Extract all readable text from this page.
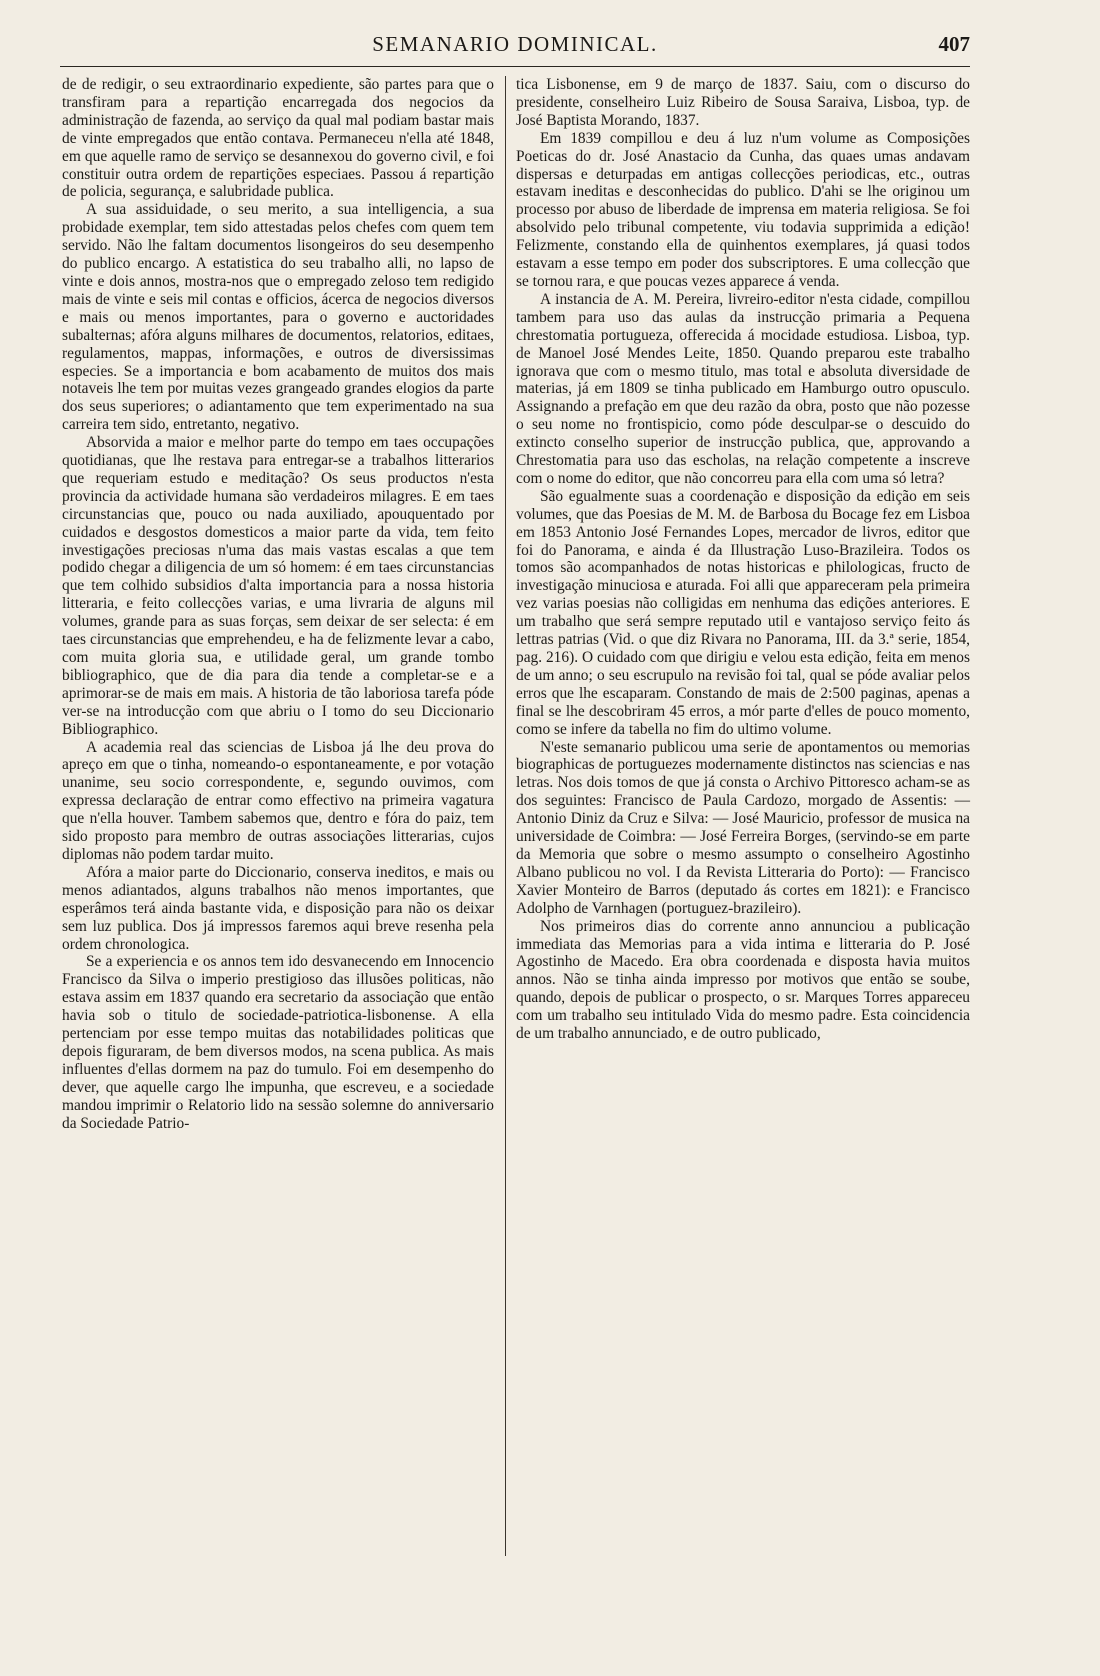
SEMANARIO DOMINICAL.	407

de de redigir, o seu extraordinario expediente, são partes para que o transfiram para a repartição encarregada dos negocios da administração de fazenda, ao serviço da qual mal podiam bastar mais de vinte empregados que então contava. Permaneceu n'ella até 1848, em que aquelle ramo de serviço se desannexou do governo civil, e foi constituir outra ordem de repartições especiaes. Passou á repartição de policia, segurança, e salubridade publica.

A sua assiduidade, o seu merito, a sua intelligencia, a sua probidade exemplar, tem sido attestadas pelos chefes com quem tem servido. Não lhe faltam documentos lisongeiros do seu desempenho do publico encargo. A estatistica do seu trabalho alli, no lapso de vinte e dois annos, mostra-nos que o empregado zeloso tem redigido mais de vinte e seis mil contas e officios, ácerca de negocios diversos e mais ou menos importantes, para o governo e auctoridades subalternas; afóra alguns milhares de documentos, relatorios, editaes, regulamentos, mappas, informações, e outros de diversissimas especies. Se a importancia e bom acabamento de muitos dos mais notaveis lhe tem por muitas vezes grangeado grandes elogios da parte dos seus superiores; o adiantamento que tem experimentado na sua carreira tem sido, entretanto, negativo.

Absorvida a maior e melhor parte do tempo em taes occupações quotidianas, que lhe restava para entregar-se a trabalhos litterarios que requeriam estudo e meditação? Os seus productos n'esta provincia da actividade humana são verdadeiros milagres. E em taes circunstancias que, pouco ou nada auxiliado, apouquentado por cuidados e desgostos domesticos a maior parte da vida, tem feito investigações preciosas n'uma das mais vastas escalas a que tem podido chegar a diligencia de um só homem: é em taes circunstancias que tem colhido subsidios d'alta importancia para a nossa historia litteraria, e feito collecções varias, e uma livraria de alguns mil volumes, grande para as suas forças, sem deixar de ser selecta: é em taes circunstancias que emprehendeu, e ha de felizmente levar a cabo, com muita gloria sua, e utilidade geral, um grande tombo bibliographico, que de dia para dia tende a completar-se e a aprimorar-se de mais em mais. A historia de tão laboriosa tarefa póde ver-se na introducção com que abriu o I tomo do seu Diccionario Bibliographico.

A academia real das sciencias de Lisboa já lhe deu prova do apreço em que o tinha, nomeando-o espontaneamente, e por votação unanime, seu socio correspondente, e, segundo ouvimos, com expressa declaração de entrar como effectivo na primeira vagatura que n'ella houver. Tambem sabemos que, dentro e fóra do paiz, tem sido proposto para membro de outras associações litterarias, cujos diplomas não podem tardar muito.

Afóra a maior parte do Diccionario, conserva ineditos, e mais ou menos adiantados, alguns trabalhos não menos importantes, que esperâmos terá ainda bastante vida, e disposição para não os deixar sem luz publica. Dos já impressos faremos aqui breve resenha pela ordem chronologica.

Se a experiencia e os annos tem ido desvanecendo em Innocencio Francisco da Silva o imperio prestigioso das illusões politicas, não estava assim em 1837 quando era secretario da associação que então havia sob o titulo de sociedade-patriotica-lisbonense. A ella pertenciam por esse tempo muitas das notabilidades politicas que depois figuraram, de bem diversos modos, na scena publica. As mais influentes d'ellas dormem na paz do tumulo. Foi em desempenho do dever, que aquelle cargo lhe impunha, que escreveu, e a sociedade mandou imprimir o Relatorio lido na sessão solemne do anniversario da Sociedade Patrio-

tica Lisbonense, em 9 de março de 1837. Saiu, com o discurso do presidente, conselheiro Luiz Ribeiro de Sousa Saraiva, Lisboa, typ. de José Baptista Morando, 1837.

Em 1839 compillou e deu á luz n'um volume as Composições Poeticas do dr. José Anastacio da Cunha, das quaes umas andavam dispersas e deturpadas em antigas collecções periodicas, etc., outras estavam ineditas e desconhecidas do publico. D'ahi se lhe originou um processo por abuso de liberdade de imprensa em materia religiosa. Se foi absolvido pelo tribunal competente, viu todavia supprimida a edição! Felizmente, constando ella de quinhentos exemplares, já quasi todos estavam a esse tempo em poder dos subscriptores. E uma collecção que se tornou rara, e que poucas vezes apparece á venda.

A instancia de A. M. Pereira, livreiro-editor n'esta cidade, compillou tambem para uso das aulas da instrucção primaria a Pequena chrestomatia portugueza, offerecida á mocidade estudiosa. Lisboa, typ. de Manoel José Mendes Leite, 1850. Quando preparou este trabalho ignorava que com o mesmo titulo, mas total e absoluta diversidade de materias, já em 1809 se tinha publicado em Hamburgo outro opusculo. Assignando a prefação em que deu razão da obra, posto que não pozesse o seu nome no frontispicio, como póde desculpar-se o descuido do extincto conselho superior de instrucção publica, que, approvando a Chrestomatia para uso das escholas, na relação competente a inscreve com o nome do editor, que não concorreu para ella com uma só letra?

São egualmente suas a coordenação e disposição da edição em seis volumes, que das Poesias de M. M. de Barbosa du Bocage fez em Lisboa em 1853 Antonio José Fernandes Lopes, mercador de livros, editor que foi do Panorama, e ainda é da Illustração Luso-Brazileira. Todos os tomos são acompanhados de notas historicas e philologicas, fructo de investigação minuciosa e aturada. Foi alli que appareceram pela primeira vez varias poesias não colligidas em nenhuma das edições anteriores. E um trabalho que será sempre reputado util e vantajoso serviço feito ás lettras patrias (Vid. o que diz Rivara no Panorama, III. da 3.ª serie, 1854, pag. 216). O cuidado com que dirigiu e velou esta edição, feita em menos de um anno; o seu escrupulo na revisão foi tal, qual se póde avaliar pelos erros que lhe escaparam. Constando de mais de 2:500 paginas, apenas a final se lhe descobriram 45 erros, a mór parte d'elles de pouco momento, como se infere da tabella no fim do ultimo volume.

N'este semanario publicou uma serie de apontamentos ou memorias biographicas de portuguezes modernamente distinctos nas sciencias e nas letras. Nos dois tomos de que já consta o Archivo Pittoresco acham-se as dos seguintes: Francisco de Paula Cardozo, morgado de Assentis: — Antonio Diniz da Cruz e Silva: — José Mauricio, professor de musica na universidade de Coimbra: — José Ferreira Borges, (servindo-se em parte da Memoria que sobre o mesmo assumpto o conselheiro Agostinho Albano publicou no vol. I da Revista Litteraria do Porto): — Francisco Xavier Monteiro de Barros (deputado ás cortes em 1821): e Francisco Adolpho de Varnhagen (portuguez-brazileiro).

Nos primeiros dias do corrente anno annunciou a publicação immediata das Memorias para a vida intima e litteraria do P. José Agostinho de Macedo. Era obra coordenada e disposta havia muitos annos. Não se tinha ainda impresso por motivos que então se soube, quando, depois de publicar o prospecto, o sr. Marques Torres appareceu com um trabalho seu intitulado Vida do mesmo padre. Esta coincidencia de um trabalho annunciado, e de outro publicado,
